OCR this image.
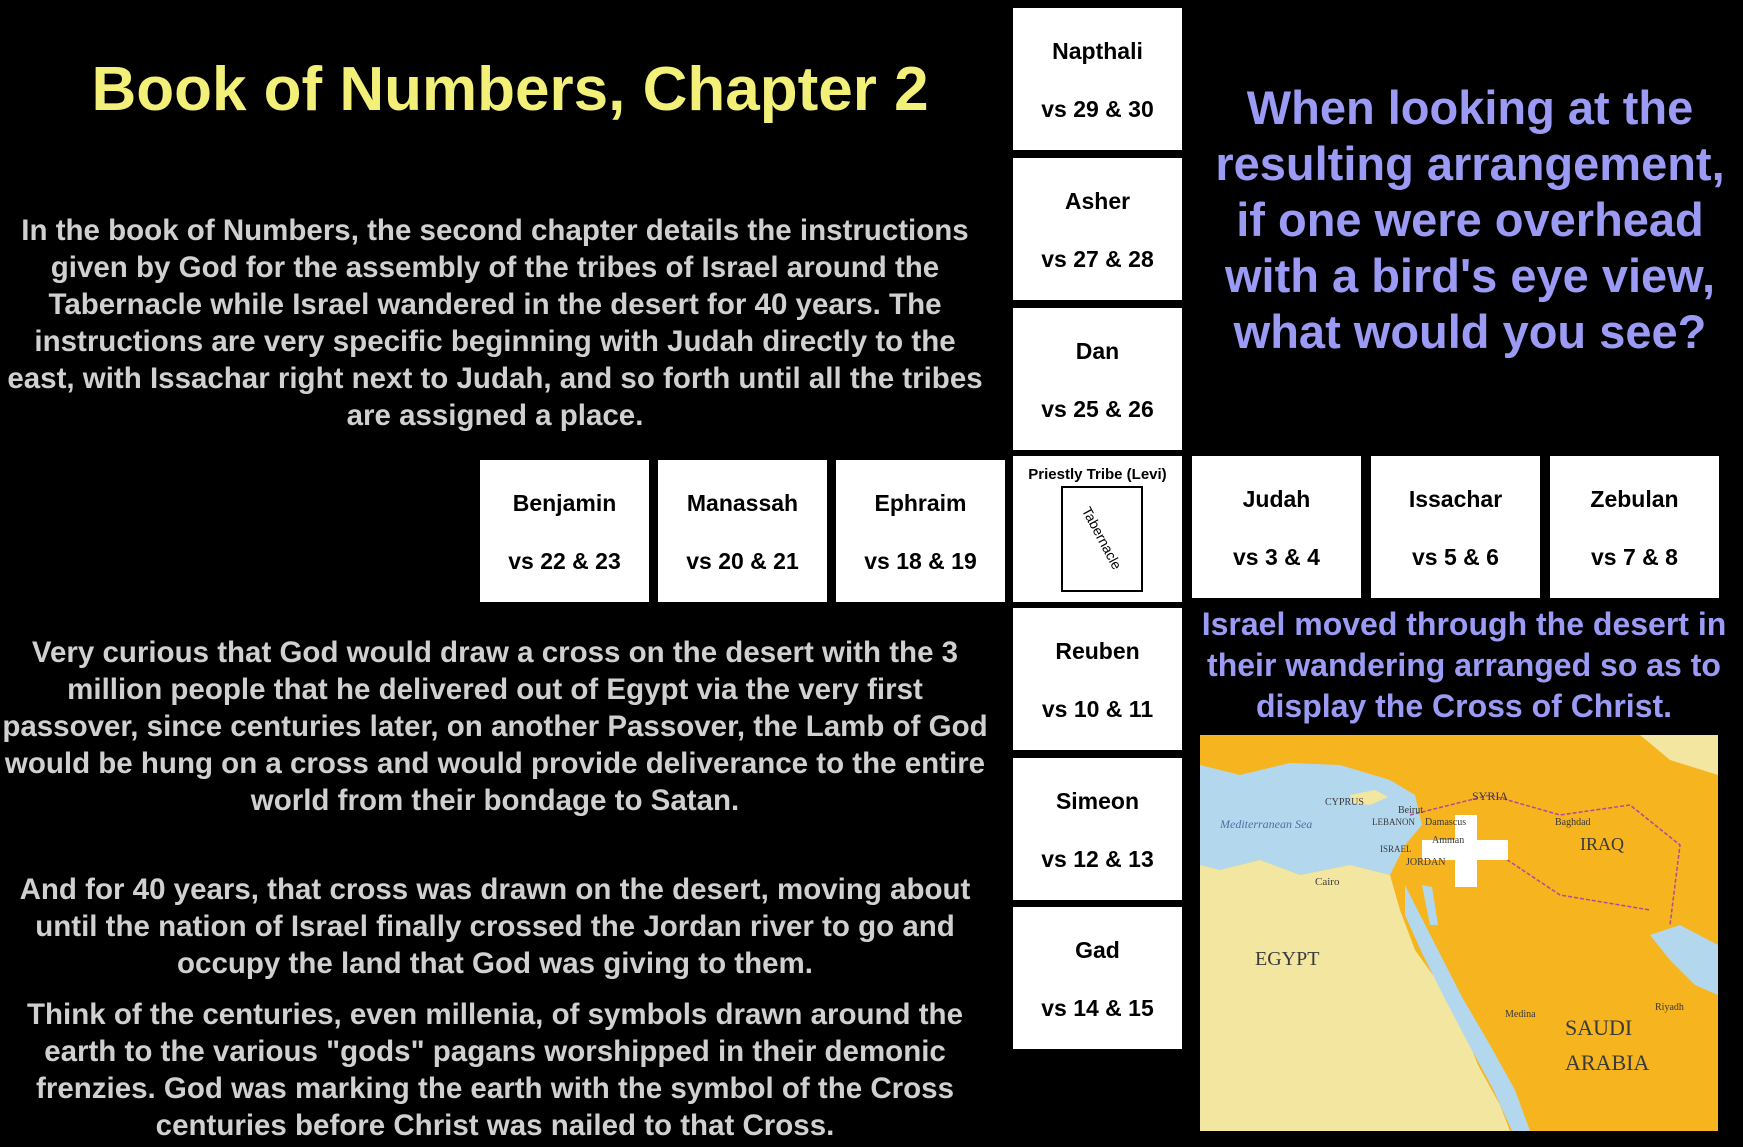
Book of Numbers, Chapter 2
In the book of Numbers, the second chapter details the instructions given by God for the assembly of the tribes of Israel around the Tabernacle while Israel wandered in the desert for 40 years. The instructions are very specific beginning with Judah directly to the east, with Issachar right next to Judah, and so forth until all the tribes are assigned a place.
Very curious that God would draw a cross on the desert with the 3 million people that he delivered out of Egypt via the very first passover, since centuries later, on another Passover, the Lamb of God would be hung on a cross and would provide deliverance to the entire world from their bondage to Satan.
And for 40 years, that cross was drawn on the desert, moving about until the nation of Israel finally crossed the Jordan river to go and occupy the land that God was giving to them.
Think of the centuries, even millenia, of symbols drawn around the earth to the various "gods" pagans worshipped in their demonic frenzies. God was marking the earth with the symbol of the Cross centuries before Christ was nailed to that Cross.
When looking at the resulting arrangement, if one were overhead with a bird's eye view, what would you see?
Napthali
vs 29 & 30
Asher
vs 27 & 28
Dan
vs 25 & 26
Benjamin
vs 22 & 23
Manassah
vs 20 & 21
Ephraim
vs 18 & 19
Priestly Tribe (Levi)
Tabernacle
Judah
vs 3 & 4
Issachar
vs 5 & 6
Zebulan
vs 7 & 8
Reuben
vs 10 & 11
Simeon
vs 12 & 13
Gad
vs 14 & 15
Israel moved through the desert in their wandering arranged so as to display the Cross of Christ.
EGYPT
SAUDI
ARABIA
IRAQ
SYRIA
CYPRUS
LEBANON
ISRAEL
JORDAN
Mediterranean Sea
Cairo
Damascus
Beirut
Baghdad
Amman
Medina
Riyadh
